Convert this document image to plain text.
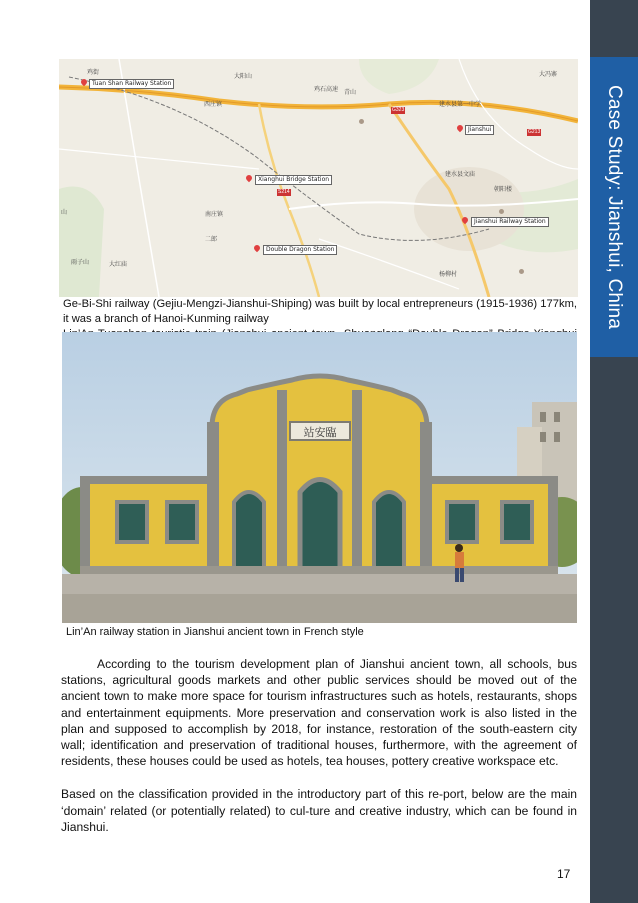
Case Study: Jianshui, China
鸡街
Tuan Shan Railway Station
大阳山
西庄镇
鸡石高速 青山
大冯寨
建水县第一中学
Jianshui
Xianghui Bridge Station
S214
G323
G213
建水县文庙
朝阳楼
Jianshui Railway Station
Double Dragon Station
大红庙
雨子山
南庄镇
二郎
山
杨柳村

Ge-Bi-Shi railway (Gejiu-Mengzi-Jianshui-Shiping) was built by local entrepreneurs (1915-1936) 177km, it was a branch of Hanoi-Kunming railway

站安臨
Lin’An railway station in Jianshui ancient town in French style

According to the tourism development plan of Jianshui ancient town, all schools, bus stations, agricultural goods markets and other public services should be moved out of the ancient town to make more space for tourism infrastructures such as hotels, restaurants, shops and entertainment equipments. More preservation and conservation work is also listed in the plan and supposed to accomplish by 2018, for instance, restoration of the south-eastern city wall; identification and preservation of traditional houses, furthermore, with the agreement of residents, these houses could be used as hotels, tea houses, pottery creative workspace etc.

Based on the classification provided in the introductory part of this re-port, below are the main ‘domain’ related (or potentially related) to cul-ture and creative industry, which can be found in Jianshui.

17
